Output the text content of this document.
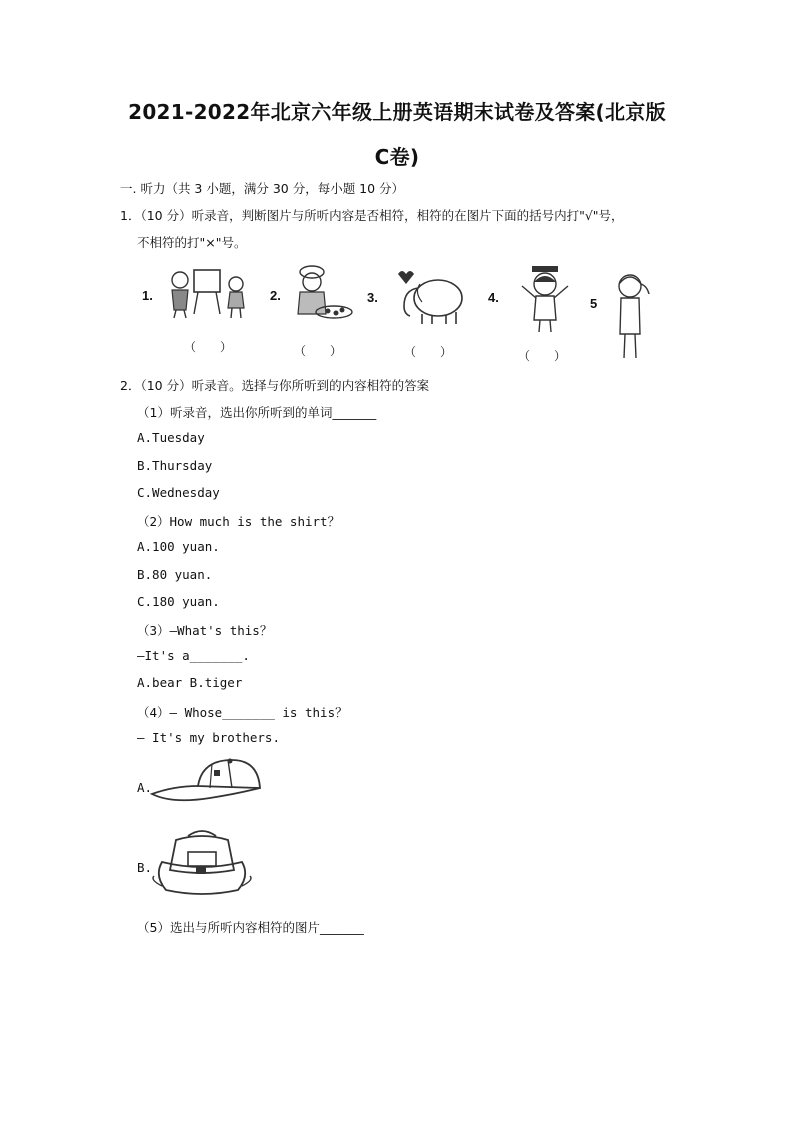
2021-2022年北京六年级上册英语期末试卷及答案(北京版
C卷)
一. 听力（共 3 小题，满分 30 分，每小题 10 分）
1．（10 分）听录音，判断图片与所听内容是否相符，相符的在图片下面的括号内打"√"号，
不相符的打"×"号。
1.
（　　）
2.
（　　）
3.
（　　）
4.
（　　）
5
2．（10 分）听录音。选择与你所听到的内容相符的答案
（1）听录音，选出你所听到的单词_______
A.Tuesday
B.Thursday
C.Wednesday
（2）How much is the shirt？
A.100 yuan.
B.80 yuan.
C.180 yuan.
（3）—What's this？
—It's a_______.
A.bear B.tiger
（4）— Whose_______ is this？
— It's my brothers.
A.
B.
（5）选出与所听内容相符的图片_______
